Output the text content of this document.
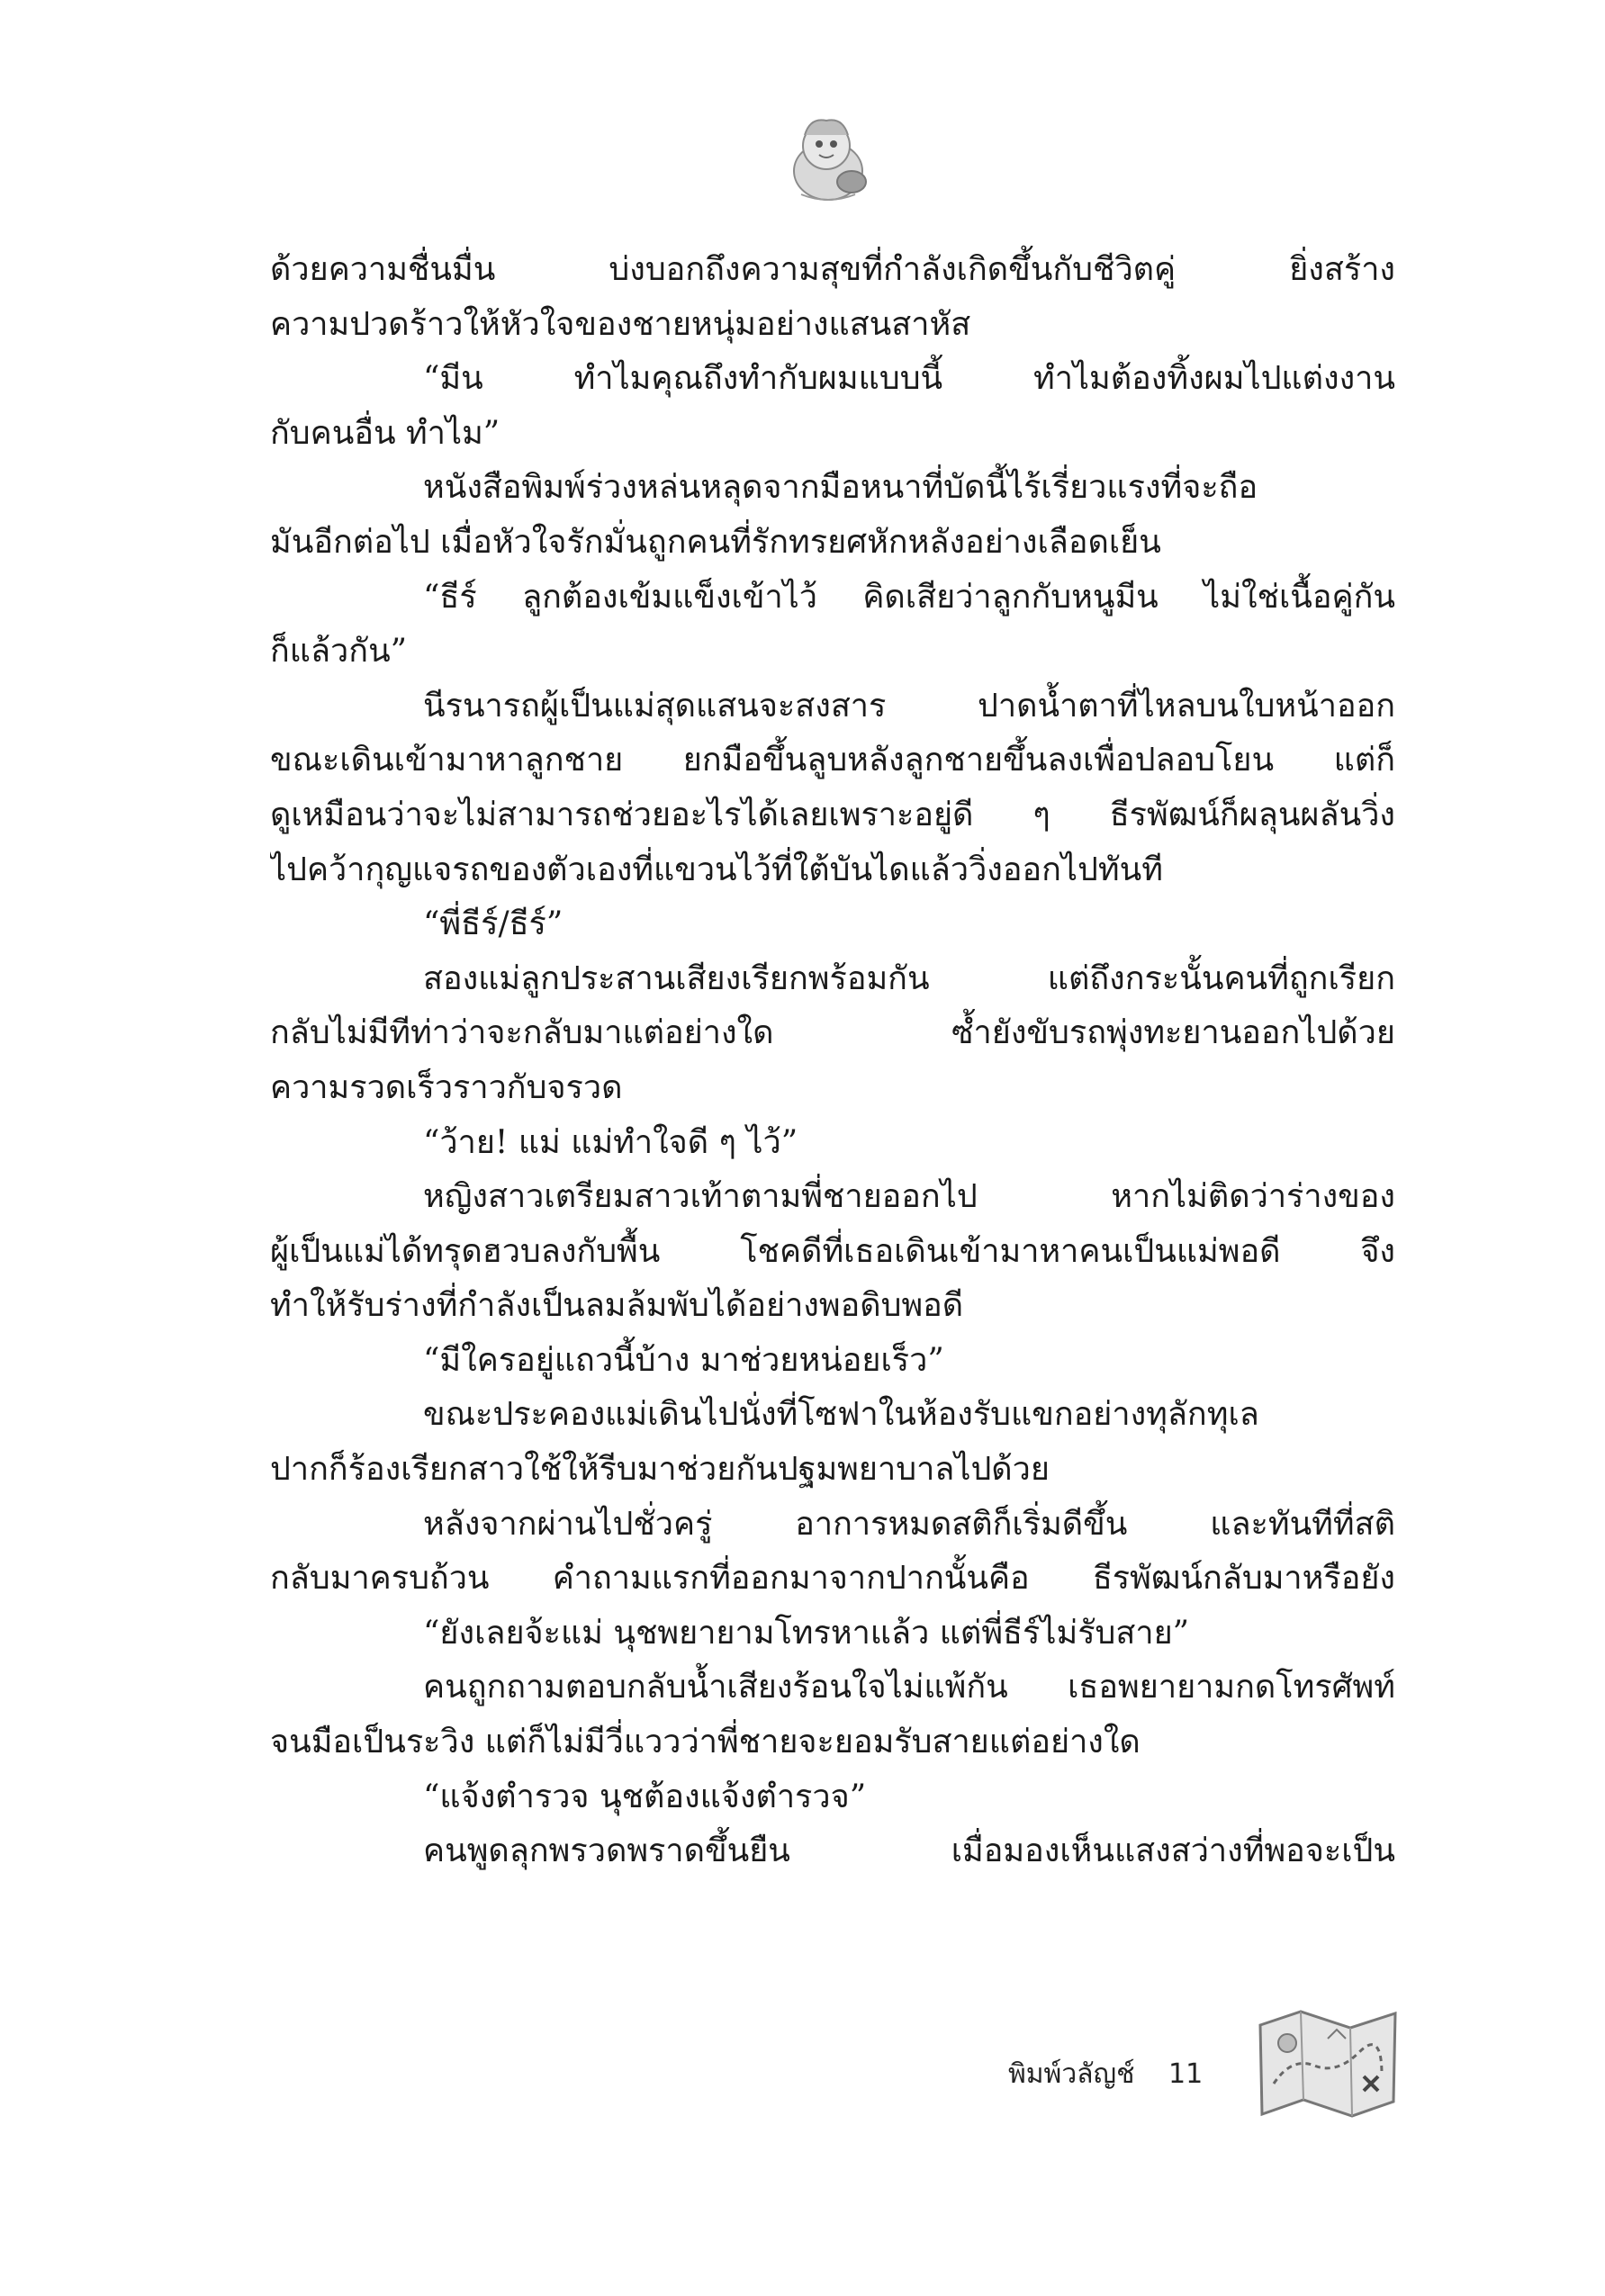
ด้วยความชื่นมื่น บ่งบอกถึงความสุขที่กำลังเกิดขึ้นกับชีวิตคู่ ยิ่งสร้าง
ความปวดร้าวให้หัวใจของชายหนุ่มอย่างแสนสาหัส
“มีน ทำไมคุณถึงทำกับผมแบบนี้ ทำไมต้องทิ้งผมไปแต่งงาน
กับคนอื่น ทำไม”
หนังสือพิมพ์ร่วงหล่นหลุดจากมือหนาที่บัดนี้ไร้เรี่ยวแรงที่จะถือ
มันอีกต่อไป เมื่อหัวใจรักมั่นถูกคนที่รักทรยศหักหลังอย่างเลือดเย็น
“ธีร์ ลูกต้องเข้มแข็งเข้าไว้ คิดเสียว่าลูกกับหนูมีน ไม่ใช่เนื้อคู่กัน
ก็แล้วกัน”
นีรนารถผู้เป็นแม่สุดแสนจะสงสาร ปาดน้ำตาที่ไหลบนใบหน้าออก
ขณะเดินเข้ามาหาลูกชาย ยกมือขึ้นลูบหลังลูกชายขึ้นลงเพื่อปลอบโยน แต่ก็
ดูเหมือนว่าจะไม่สามารถช่วยอะไรได้เลยเพราะอยู่ดี ๆ ธีรพัฒน์ก็ผลุนผลันวิ่ง
ไปคว้ากุญแจรถของตัวเองที่แขวนไว้ที่ใต้บันไดแล้ววิ่งออกไปทันที
“พี่ธีร์/ธีร์”
สองแม่ลูกประสานเสียงเรียกพร้อมกัน แต่ถึงกระนั้นคนที่ถูกเรียก
กลับไม่มีทีท่าว่าจะกลับมาแต่อย่างใด ซ้ำยังขับรถพุ่งทะยานออกไปด้วย
ความรวดเร็วราวกับจรวด
“ว้าย! แม่ แม่ทำใจดี ๆ ไว้”
หญิงสาวเตรียมสาวเท้าตามพี่ชายออกไป หากไม่ติดว่าร่างของ
ผู้เป็นแม่ได้ทรุดฮวบลงกับพื้น โชคดีที่เธอเดินเข้ามาหาคนเป็นแม่พอดี จึง
ทำให้รับร่างที่กำลังเป็นลมล้มพับได้อย่างพอดิบพอดี
“มีใครอยู่แถวนี้บ้าง มาช่วยหน่อยเร็ว”
ขณะประคองแม่เดินไปนั่งที่โซฟาในห้องรับแขกอย่างทุลักทุเล
ปากก็ร้องเรียกสาวใช้ให้รีบมาช่วยกันปฐมพยาบาลไปด้วย
หลังจากผ่านไปชั่วครู่ อาการหมดสติก็เริ่มดีขึ้น และทันทีที่สติ
กลับมาครบถ้วน คำถามแรกที่ออกมาจากปากนั้นคือ ธีรพัฒน์กลับมาหรือยัง
“ยังเลยจ้ะแม่ นุชพยายามโทรหาแล้ว แต่พี่ธีร์ไม่รับสาย”
คนถูกถามตอบกลับน้ำเสียงร้อนใจไม่แพ้กัน เธอพยายามกดโทรศัพท์
จนมือเป็นระวิง แต่ก็ไม่มีวี่แววว่าพี่ชายจะยอมรับสายแต่อย่างใด
“แจ้งตำรวจ นุชต้องแจ้งตำรวจ”
คนพูดลุกพรวดพราดขึ้นยืน เมื่อมองเห็นแสงสว่างที่พอจะเป็น
พิมพ์วลัญช์ 11
